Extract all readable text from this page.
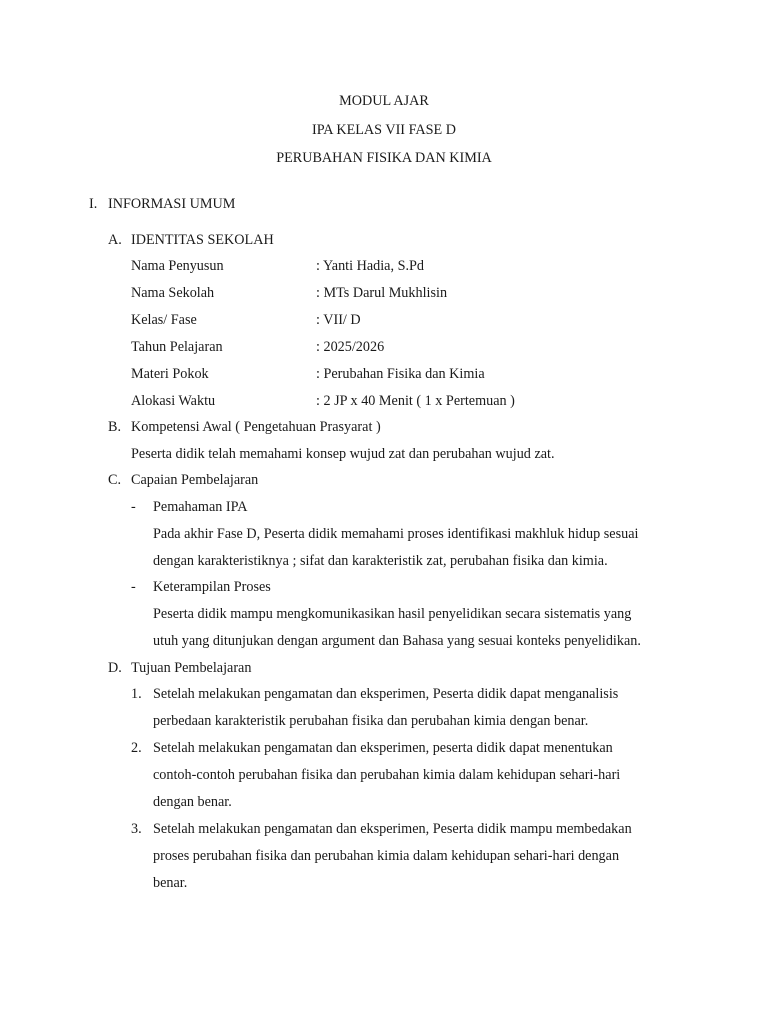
MODUL AJAR
IPA KELAS VII FASE D
PERUBAHAN FISIKA DAN KIMIA
I. INFORMASI UMUM
A. IDENTITAS SEKOLAH
Nama Penyusun	: Yanti Hadia, S.Pd
Nama Sekolah	: MTs Darul Mukhlisin
Kelas/ Fase	: VII/ D
Tahun Pelajaran	: 2025/2026
Materi Pokok	: Perubahan Fisika dan Kimia
Alokasi Waktu	: 2 JP x 40 Menit ( 1 x Pertemuan )
B. Kompetensi Awal ( Pengetahuan Prasyarat )
Peserta didik telah memahami konsep wujud zat dan perubahan wujud zat.
C. Capaian Pembelajaran
- Pemahaman IPA
Pada akhir Fase D, Peserta didik memahami proses identifikasi makhluk hidup sesuai
dengan karakteristiknya ; sifat dan karakteristik zat, perubahan fisika dan kimia.
- Keterampilan Proses
Peserta didik mampu mengkomunikasikan hasil penyelidikan secara sistematis yang
utuh yang ditunjukan dengan argument dan Bahasa yang sesuai konteks penyelidikan.
D. Tujuan Pembelajaran
1. Setelah melakukan pengamatan dan eksperimen, Peserta didik dapat menganalisis
perbedaan karakteristik perubahan fisika dan perubahan kimia dengan benar.
2. Setelah melakukan pengamatan dan eksperimen, peserta didik dapat menentukan
contoh-contoh perubahan fisika dan perubahan kimia dalam kehidupan sehari-hari
dengan benar.
3. Setelah melakukan pengamatan dan eksperimen, Peserta didik mampu membedakan
proses perubahan fisika dan perubahan kimia dalam kehidupan sehari-hari dengan
benar.
